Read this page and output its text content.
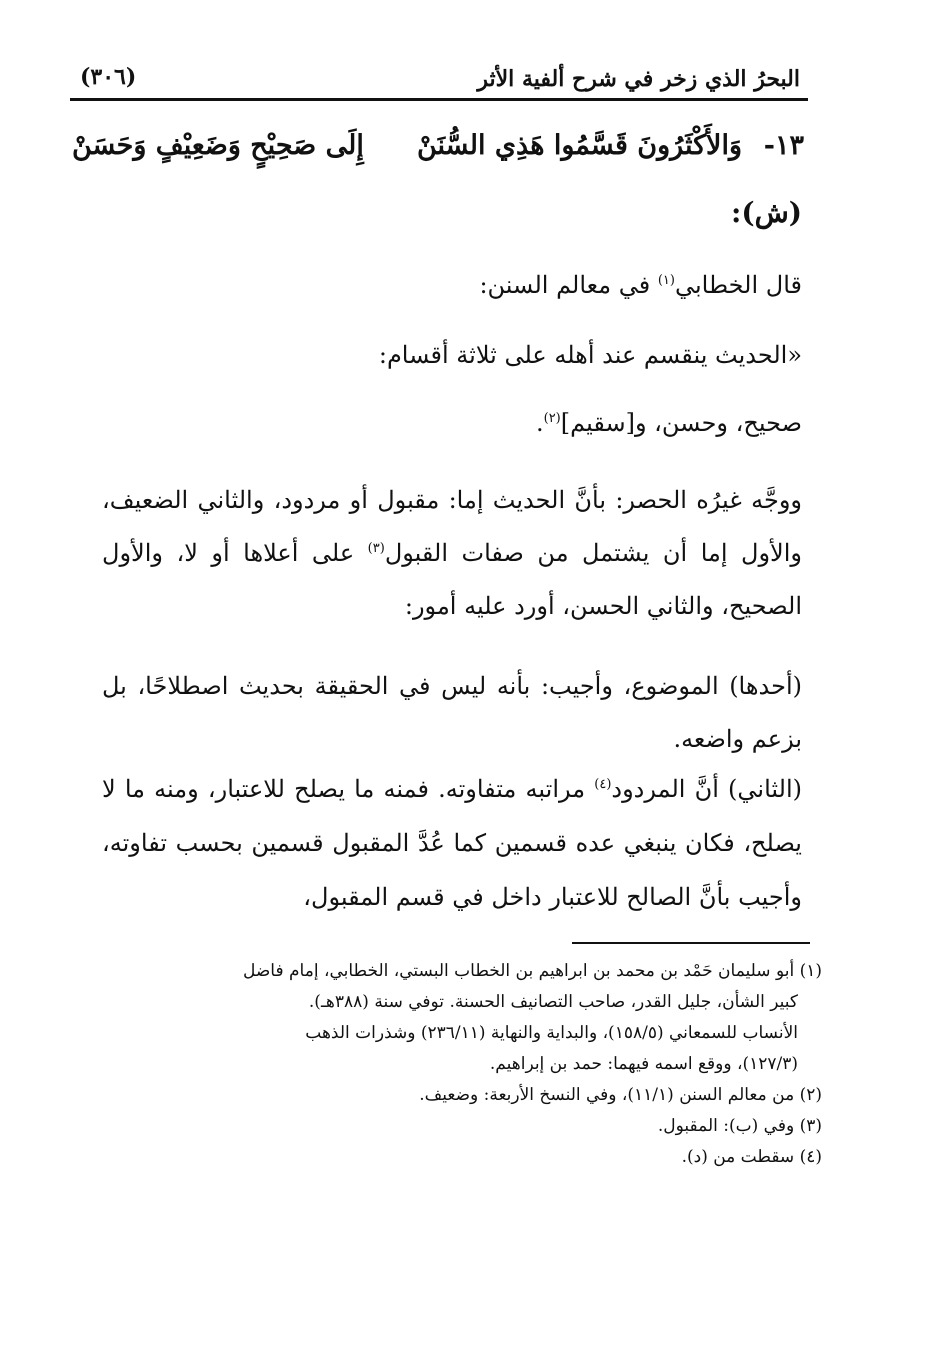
البحرُ الذي زخر في شرح ألفية الأثر
(٣٠٦)
١٣-
وَالأَكْثَرُونَ قَسَّمُوا هَذِي السُّنَنْ
إِلَى صَحِيْحٍ وَضَعِيْفٍ وَحَسَنْ
(ش):

قال الخطابي$^{(١)}$ في معالم السنن:

«الحديث ينقسم عند أهله على ثلاثة أقسام:

صحيح، وحسن، و[سقيم]$^{(٢)}$.

ووجَّه غيرُه الحصر: بأنَّ الحديث إما: مقبول أو مردود، والثاني الضعيف، والأول إما أن يشتمل من صفات القبول$^{(٣)}$ على أعلاها أو لا، والأول الصحيح، والثاني الحسن، أورد عليه أمور:

(أحدها) الموضوع، وأجيب: بأنه ليس في الحقيقة بحديث اصطلاحًا، بل بزعم واضعه.

(الثاني) أنَّ المردود$^{(٤)}$ مراتبه متفاوته. فمنه ما يصلح للاعتبار، ومنه ما لا يصلح، فكان ينبغي عده قسمين كما عُدَّ المقبول قسمين بحسب تفاوته، وأجيب بأنَّ الصالح للاعتبار داخل في قسم المقبول،

(١) أبو سليمان حَمْد بن محمد بن ابراهيم بن الخطاب البستي، الخطابي، إمام فاضل
كبير الشأن، جليل القدر، صاحب التصانيف الحسنة. توفي سنة (٣٨٨هـ).
الأنساب للسمعاني (١٥٨/٥)، والبداية والنهاية (٢٣٦/١١) وشذرات الذهب
(١٢٧/٣)، ووقع اسمه فيهما: حمد بن إبراهيم.
(٢) من معالم السنن (١١/١)، وفي النسخ الأربعة: وضعيف.
(٣) وفي (ب): المقبول.
(٤) سقطت من (د).
